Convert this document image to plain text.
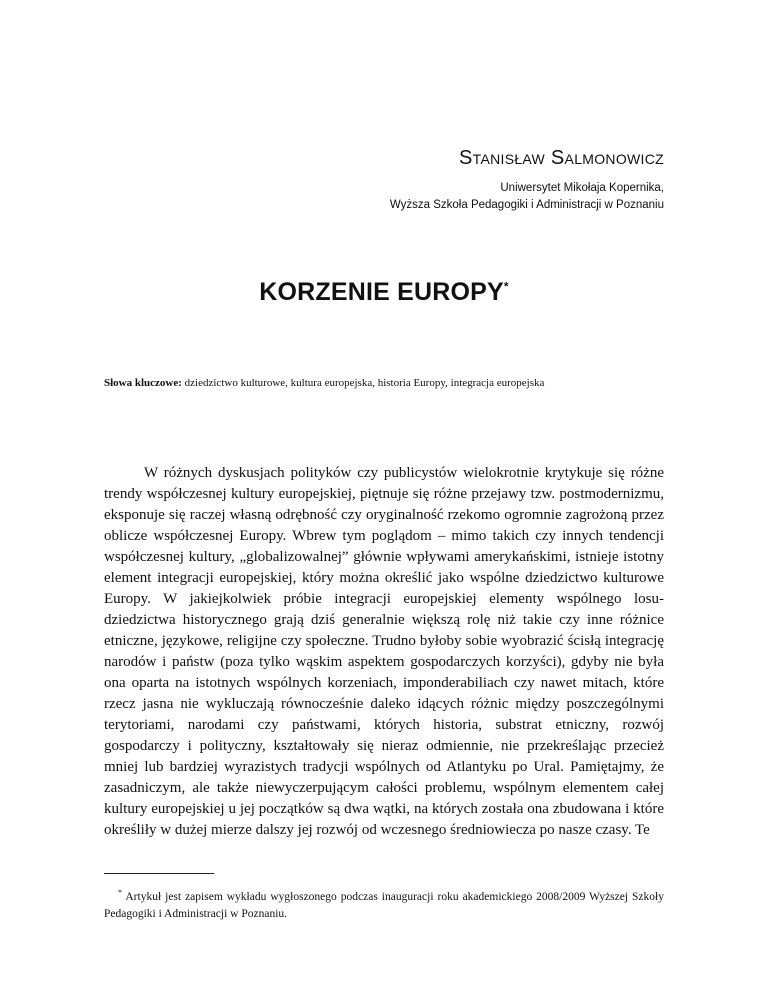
Stanisław Salmonowicz
Uniwersytet Mikołaja Kopernika,
Wyższa Szkoła Pedagogiki i Administracji w Poznaniu
KORZENIE EUROPY*
Słowa kluczowe: dziedzictwo kulturowe, kultura europejska, historia Europy, integracja europejska

W różnych dyskusjach polityków czy publicystów wielokrotnie krytykuje się różne trendy współczesnej kultury europejskiej, piętnuje się różne przejawy tzw. postmodernizmu, eksponuje się raczej własną odrębność czy oryginalność rzekomo ogromnie zagrożoną przez oblicze współczesnej Europy. Wbrew tym poglądom – mimo takich czy innych tendencji współczesnej kultury, „globalizowalnej” głównie wpływami amerykańskimi, istnieje istotny element integracji europejskiej, który można określić jako wspólne dziedzictwo kulturowe Europy. W jakiejkolwiek próbie integracji europejskiej elementy wspólnego losu-dziedzictwa historycznego grają dziś generalnie większą rolę niż takie czy inne różnice etniczne, językowe, religijne czy społeczne. Trudno byłoby sobie wyobrazić ścisłą integrację narodów i państw (poza tylko wąskim aspektem gospodarczych korzyści), gdyby nie była ona oparta na istotnych wspólnych korzeniach, imponderabiliach czy nawet mitach, które rzecz jasna nie wykluczają równocześnie daleko idących różnic między poszczególnymi terytoriami, narodami czy państwami, których historia, substrat etniczny, rozwój gospodarczy i polityczny, kształtowały się nieraz odmiennie, nie przekreślając przecież mniej lub bardziej wyrazistych tradycji wspólnych od Atlantyku po Ural. Pamiętajmy, że zasadniczym, ale także niewyczerpującym całości problemu, wspólnym elementem całej kultury europejskiej u jej początków są dwa wątki, na których została ona zbudowana i które określiły w dużej mierze dalszy jej rozwój od wczesnego średniowiecza po nasze czasy. Te

* Artykuł jest zapisem wykładu wygłoszonego podczas inauguracji roku akademickiego 2008/2009 Wyższej Szkoły Pedagogiki i Administracji w Poznaniu.
